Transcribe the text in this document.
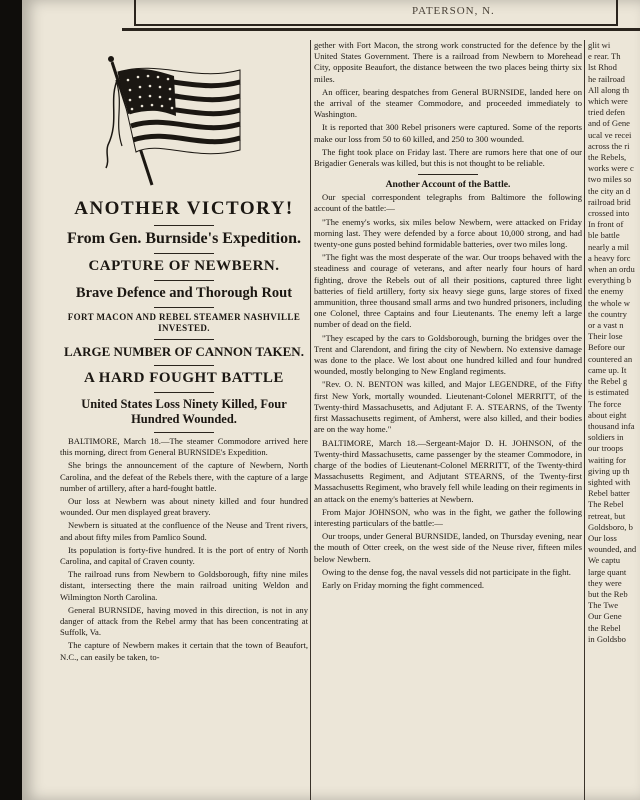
PATERSON, N.
ANOTHER VICTORY!
From Gen. Burnside's Expedition.
CAPTURE OF NEWBERN.
Brave Defence and Thorough Rout
FORT MACON AND REBEL STEAMER NASHVILLE INVESTED.
LARGE NUMBER OF CANNON TAKEN.
A HARD FOUGHT BATTLE
United States Loss Ninety Killed, Four Hundred Wounded.

BALTIMORE, March 18.—The steamer Commodore arrived here this morning, direct from General BURNSIDE's Expedition.

She brings the announcement of the capture of Newbern, North Carolina, and the defeat of the Rebels there, with the capture of a large number of artillery, after a hard-fought battle.

Our loss at Newbern was about ninety killed and four hundred wounded. Our men displayed great bravery.

Newbern is situated at the confluence of the Neuse and Trent rivers, and about fifty miles from Pamlico Sound.

Its population is forty-five hundred. It is the port of entry of North Carolina, and capital of Craven county.

The railroad runs from Newbern to Goldsborough, fifty nine miles distant, intersecting there the main railroad uniting Weldon and Wilmington North Carolina.

General BURNSIDE, having moved in this direction, is not in any danger of attack from the Rebel army that has been concentrating at Suffolk, Va.

The capture of Newbern makes it certain that the town of Beaufort, N.C., can easily be taken, to-

gether with Fort Macon, the strong work constructed for the defence by the United States Government. There is a railroad from Newbern to Morehead City, opposite Beaufort, the distance between the two places being thirty six miles.

An officer, bearing despatches from General BURNSIDE, landed here on the arrival of the steamer Commodore, and proceeded immediately to Washington.

It is reported that 300 Rebel prisoners were captured. Some of the reports make our loss from 50 to 60 killed, and 250 to 300 wounded.

The fight took place on Friday last. There are rumors here that one of our Brigadier Generals was killed, but this is not thought to be reliable.

Another Account of the Battle.

Our special correspondent telegraphs from Baltimore the following account of the battle:—

"The enemy's works, six miles below Newbern, were attacked on Friday morning last. They were defended by a force about 10,000 strong, and had twenty-one guns posted behind formidable batteries, over two miles long.

"The fight was the most desperate of the war. Our troops behaved with the steadiness and courage of veterans, and after nearly four hours of hard fighting, drove the Rebels out of all their positions, captured three light batteries of field artillery, forty six heavy siege guns, large stores of fixed ammunition, three thousand small arms and two hundred prisoners, including one Colonel, three Captains and four Lieutenants. The enemy left a large number of dead on the field.

"They escaped by the cars to Goldsborough, burning the bridges over the Trent and Clarendont, and firing the city of Newbern. No extensive damage was done to the place. We lost about one hundred killed and four hundred wounded, mostly belonging to New England regiments.

"Rev. O. N. BENTON was killed, and Major LEGENDRE, of the Fifty first New York, mortally wounded. Lieutenant-Colonel MERRITT, of the Twenty-third Massachusetts, and Adjutant F. A. STEARNS, of the Twenty first Massachusetts regiment, of Amherst, were also killed, and their bodies are on the way home."

BALTIMORE, March 18.—Sergeant-Major D. H. JOHNSON, of the Twenty-third Massachusetts, came passenger by the steamer Commodore, in charge of the bodies of Lieutenant-Colonel MERRITT, of the Twenty-third Massachusetts Regiment, and Adjutant STEARNS, of the Twenty-first Massachusetts Regiment, who bravely fell while leading on their regiments in an attack on the enemy's batteries at Newbern.

From Major JOHNSON, who was in the fight, we gather the following interesting particulars of the battle:—

Our troops, under General BURNSIDE, landed, on Thursday evening, near the mouth of Otter creek, on the west side of the Neuse river, fifteen miles below Newbern.

Owing to the dense fog, the naval vessels did not participate in the fight.

Early on Friday morning the fight commenced.

glit wi
e rear. Th
lst Rhod
he railroad
All along th
which were
tried defen
and of Gene
ucal ve recei
across the ri
the Rebels,
works were c
two miles so
the city an d
railroad brid
crossed into
In front of
ble battle
nearly a mil
a heavy forc
when an ordu
everything b
the enemy
the whole w
the country
or a vast n
Their lose
Before our
countered an
came up. It
the Rebel g
is estimated
The force
about eight
thousand infa
soldiers in
our troops
waiting for
giving up th
sighted with
Rebel batter
The Rebel
retreat, but
Goldsboro, b
Our loss
wounded, and
We captu
large quant
they were
but the Reb
The Twe
Our Gene
the Rebel
in Goldsbo
